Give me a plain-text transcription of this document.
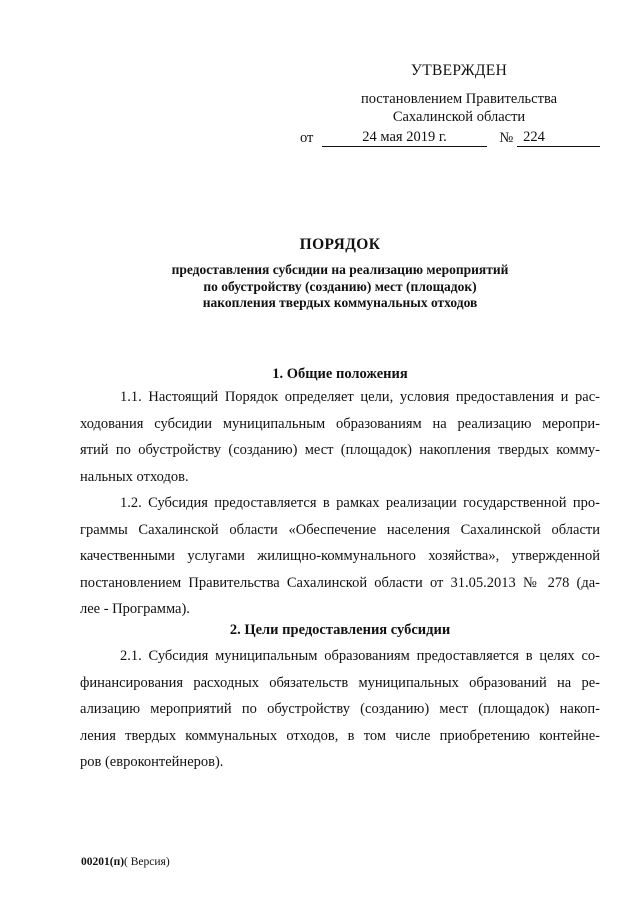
УТВЕРЖДЕН
постановлением Правительства
Сахалинской области
от	24 мая 2019 г.	№ 224
ПОРЯДОК
предоставления субсидии на реализацию мероприятий
по обустройству (созданию) мест (площадок)
накопления твердых коммунальных отходов
1. Общие положения
1.1. Настоящий Порядок определяет цели, условия предоставления и рас-
ходования субсидии муниципальным образованиям на реализацию меропри-
ятий по обустройству (созданию) мест (площадок) накопления твердых комму-
нальных отходов.
1.2. Субсидия предоставляется в рамках реализации государственной про-
граммы Сахалинской области «Обеспечение населения Сахалинской области
качественными услугами жилищно-коммунального хозяйства», утвержденной
постановлением Правительства Сахалинской области от 31.05.2013 № 278 (да-
лее - Программа).
2. Цели предоставления субсидии
2.1. Субсидия муниципальным образованиям предоставляется в целях со-
финансирования расходных обязательств муниципальных образований на ре-
ализацию мероприятий по обустройству (созданию) мест (площадок) накоп-
ления твердых коммунальных отходов, в том числе приобретению контейне-
ров (евроконтейнеров).
00201(п)( Версия)
